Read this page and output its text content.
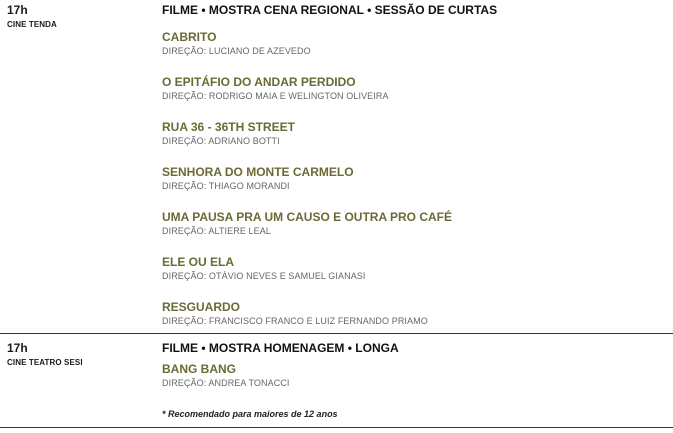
17h
CINE TENDA
FILME • MOSTRA CENA REGIONAL • SESSÃO DE CURTAS
CABRITO
DIREÇÃO: LUCIANO DE AZEVEDO
O EPITÁFIO DO ANDAR PERDIDO
DIREÇÃO: RODRIGO MAIA E WELINGTON OLIVEIRA
RUA 36 - 36TH STREET
DIREÇÃO: ADRIANO BOTTI
SENHORA DO MONTE CARMELO
DIREÇÃO: THIAGO MORANDI
UMA PAUSA PRA UM CAUSO E OUTRA PRO CAFÉ
DIREÇÃO: ALTIERE LEAL
ELE OU ELA
DIREÇÃO: OTÁVIO NEVES E SAMUEL GIANASI
RESGUARDO
DIREÇÃO: FRANCISCO FRANCO E LUIZ FERNANDO PRIAMO
17h
CINE TEATRO SESI
FILME • MOSTRA HOMENAGEM • LONGA
BANG BANG
DIREÇÃO: ANDREA TONACCI
* Recomendado para maiores de 12 anos
